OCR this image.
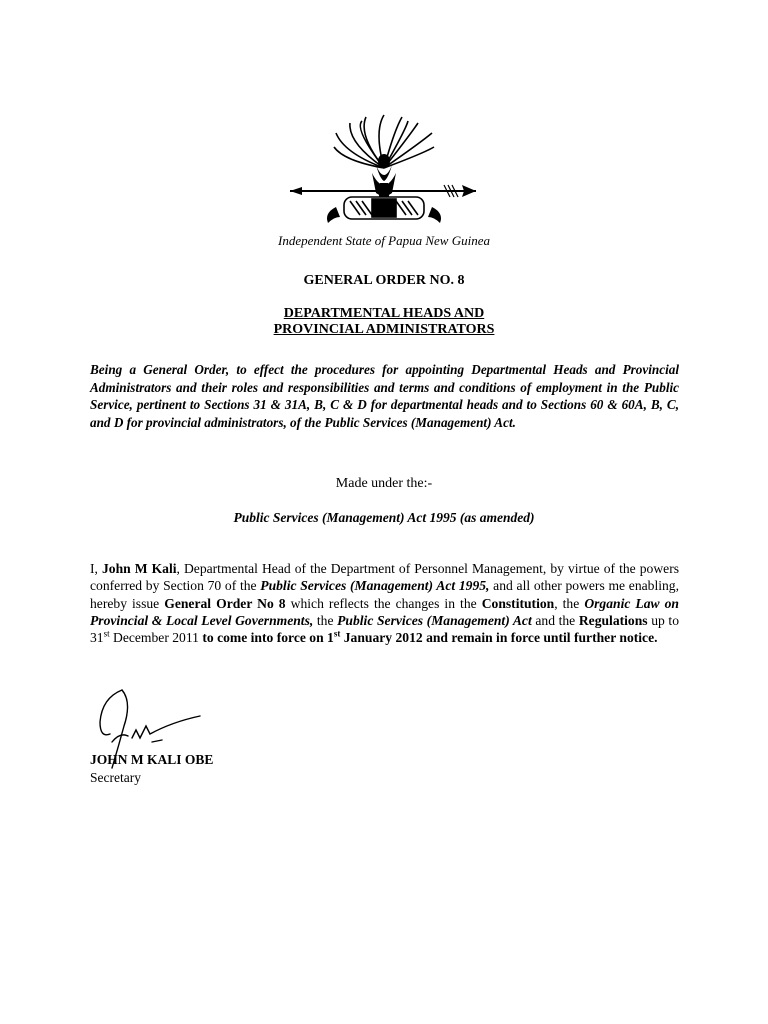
Independent State of Papua New Guinea
GENERAL ORDER NO. 8
DEPARTMENTAL HEADS AND
PROVINCIAL ADMINISTRATORS
Being a General Order, to effect the procedures for appointing Departmental Heads and Provincial Administrators and their roles and responsibilities and terms and conditions of employment in the Public Service, pertinent to Sections 31 & 31A, B, C & D for departmental heads and to Sections 60 & 60A, B, C, and D for provincial administrators, of the Public Services (Management) Act.
Made under the:-
Public Services (Management) Act 1995 (as amended)
I, John M Kali, Departmental Head of the Department of Personnel Management, by virtue of the powers conferred by Section 70 of the Public Services (Management) Act 1995, and all other powers me enabling, hereby issue General Order No 8 which reflects the changes in the Constitution, the Organic Law on Provincial & Local Level Governments, the Public Services (Management) Act and the Regulations up to 31st December 2011 to come into force on 1st January 2012 and remain in force until further notice.
JOHN M KALI OBE
Secretary
